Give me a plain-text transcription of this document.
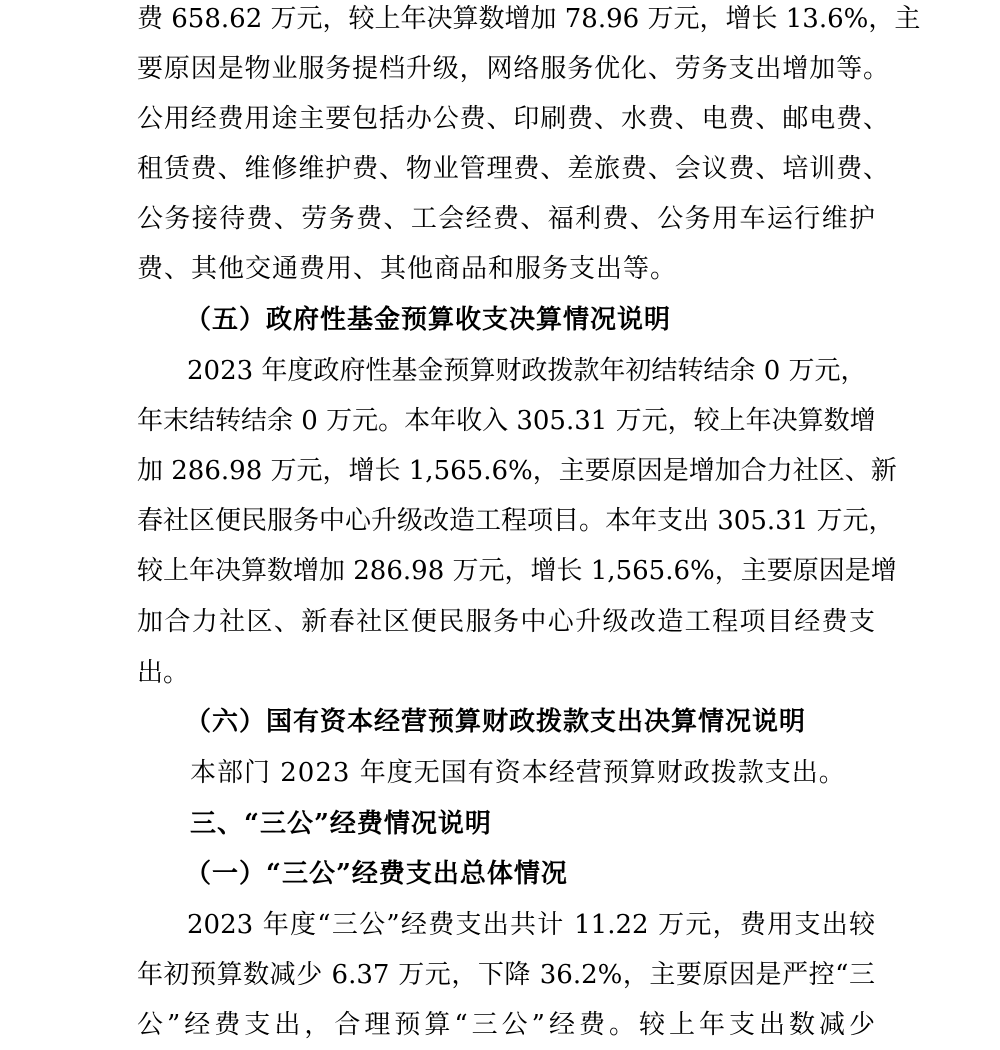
费 658.62 万元，较上年决算数增加 78.96 万元，增长 13.6%，主
要原因是物业服务提档升级，网络服务优化、劳务支出增加等。
公用经费用途主要包括办公费、印刷费、水费、电费、邮电费、
租赁费、维修维护费、物业管理费、差旅费、会议费、培训费、
公务接待费、劳务费、工会经费、福利费、公务用车运行维护
费、其他交通费用、其他商品和服务支出等。
（五）政府性基金预算收支决算情况说明
2023 年度政府性基金预算财政拨款年初结转结余 0 万元，
年末结转结余 0 万元。本年收入 305.31 万元，较上年决算数增
加 286.98 万元，增长 1,565.6%，主要原因是增加合力社区、新
春社区便民服务中心升级改造工程项目。本年支出 305.31 万元，
较上年决算数增加 286.98 万元，增长 1,565.6%，主要原因是增
加合力社区、新春社区便民服务中心升级改造工程项目经费支
出。
（六）国有资本经营预算财政拨款支出决算情况说明
本部门 2023 年度无国有资本经营预算财政拨款支出。
三、“三公”经费情况说明
（一）“三公”经费支出总体情况
2023 年度“三公”经费支出共计 11.22 万元，费用支出较
年初预算数减少 6.37 万元，下降 36.2%，主要原因是严控“三
公”经费支出，合理预算“三公”经费。较上年支出数减少
